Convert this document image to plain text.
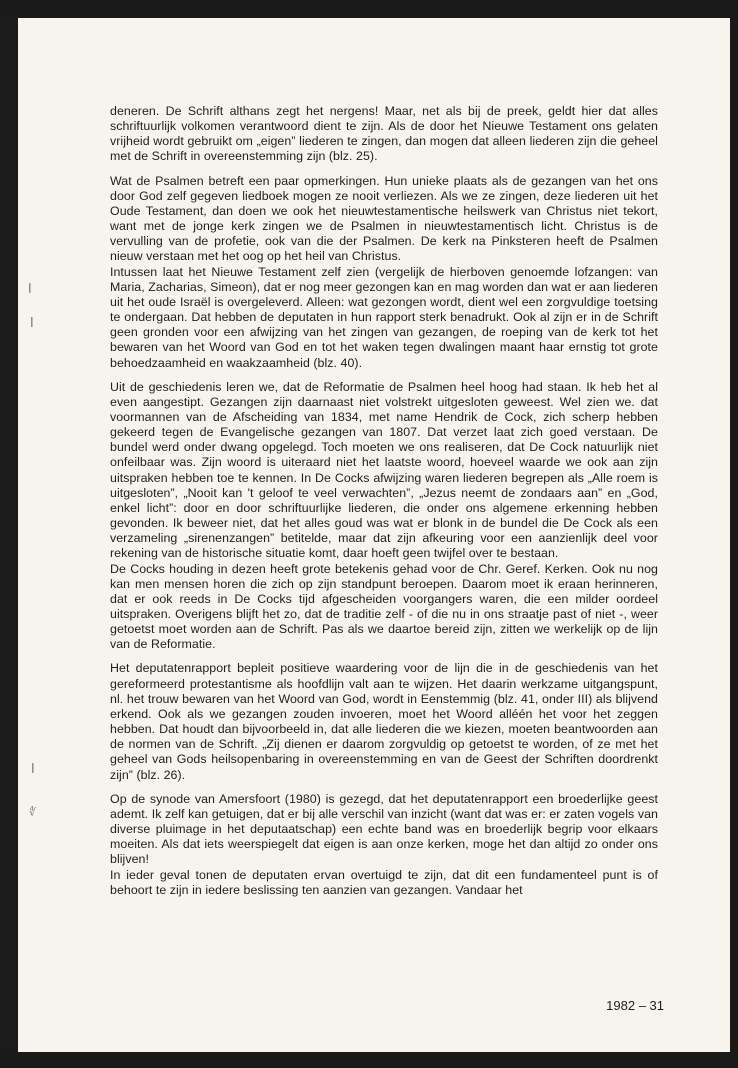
ǀ
ǀ
ǀ
∜

deneren. De Schrift althans zegt het nergens! Maar, net als bij de preek, geldt hier dat alles schriftuurlijk volkomen verantwoord dient te zijn. Als de door het Nieuwe Testament ons gelaten vrijheid wordt gebruikt om „eigen” liederen te zingen, dan mogen dat alleen liederen zijn die geheel met de Schrift in overeenstemming zijn (blz. 25).

Wat de Psalmen betreft een paar opmerkingen. Hun unieke plaats als de gezangen van het ons door God zelf gegeven liedboek mogen ze nooit verliezen. Als we ze zingen, deze liederen uit het Oude Testament, dan doen we ook het nieuwtestamentische heilswerk van Christus niet tekort, want met de jonge kerk zingen we de Psalmen in nieuwtestamentisch licht. Christus is de vervulling van de profetie, ook van die der Psalmen. De kerk na Pinksteren heeft de Psalmen nieuw verstaan met het oog op het heil van Christus.

Intussen laat het Nieuwe Testament zelf zien (vergelijk de hierboven genoemde lofzangen: van Maria, Zacharias, Simeon), dat er nog meer gezongen kan en mag worden dan wat er aan liederen uit het oude Israël is overgeleverd. Alleen: wat gezongen wordt, dient wel een zorgvuldige toetsing te ondergaan. Dat hebben de deputaten in hun rapport sterk benadrukt. Ook al zijn er in de Schrift geen gronden voor een afwijzing van het zingen van gezangen, de roeping van de kerk tot het bewaren van het Woord van God en tot het waken tegen dwalingen maant haar ernstig tot grote behoedzaamheid en waakzaamheid (blz. 40).

Uit de geschiedenis leren we, dat de Reformatie de Psalmen heel hoog had staan. Ik heb het al even aangestipt. Gezangen zijn daarnaast niet volstrekt uitgesloten geweest. Wel zien we. dat voormannen van de Afscheiding van 1834, met name Hendrik de Cock, zich scherp hebben gekeerd tegen de Evangelische gezangen van 1807. Dat verzet laat zich goed verstaan. De bundel werd onder dwang opgelegd. Toch moeten we ons realiseren, dat De Cock natuurlijk niet onfeilbaar was. Zijn woord is uiteraard niet het laatste woord, hoeveel waarde we ook aan zijn uitspraken hebben toe te kennen. In De Cocks afwijzing waren liederen begrepen als „Alle roem is uitgesloten”, „Nooit kan 't geloof te veel verwachten”, „Jezus neemt de zondaars aan” en „God, enkel licht”: door en door schriftuurlijke liederen, die onder ons algemene erkenning hebben gevonden. Ik beweer niet, dat het alles goud was wat er blonk in de bundel die De Cock als een verzameling „sirenenzangen” betitelde, maar dat zijn afkeuring voor een aanzienlijk deel voor rekening van de historische situatie komt, daar hoeft geen twijfel over te bestaan.

De Cocks houding in dezen heeft grote betekenis gehad voor de Chr. Geref. Kerken. Ook nu nog kan men mensen horen die zich op zijn standpunt beroepen. Daarom moet ik eraan herinneren, dat er ook reeds in De Cocks tijd afgescheiden voorgangers waren, die een milder oordeel uitspraken. Overigens blijft het zo, dat de traditie zelf - of die nu in ons straatje past of niet -, weer getoetst moet worden aan de Schrift. Pas als we daartoe bereid zijn, zitten we werkelijk op de lijn van de Reformatie.

Het deputatenrapport bepleit positieve waardering voor de lijn die in de geschiedenis van het gereformeerd protestantisme als hoofdlijn valt aan te wijzen. Het daarin werkzame uitgangspunt, nl. het trouw bewaren van het Woord van God, wordt in Eenstemmig (blz. 41, onder III) als blijvend erkend. Ook als we gezangen zouden invoeren, moet het Woord alléén het voor het zeggen hebben. Dat houdt dan bijvoorbeeld in, dat alle liederen die we kiezen, moeten beantwoorden aan de normen van de Schrift. „Zij dienen er daarom zorgvuldig op getoetst te worden, of ze met het geheel van Gods heilsopenbaring in overeenstemming en van de Geest der Schriften doordrenkt zijn” (blz. 26).

Op de synode van Amersfoort (1980) is gezegd, dat het deputatenrapport een broederlijke geest ademt. Ik zelf kan getuigen, dat er bij alle verschil van inzicht (want dat was er: er zaten vogels van diverse pluimage in het deputaatschap) een echte band was en broederlijk begrip voor elkaars moeiten. Als dat iets weerspiegelt dat eigen is aan onze kerken, moge het dan altijd zo onder ons blijven!

In ieder geval tonen de deputaten ervan overtuigd te zijn, dat dit een fundamenteel punt is of behoort te zijn in iedere beslissing ten aanzien van gezangen. Vandaar het

1982 – 31
